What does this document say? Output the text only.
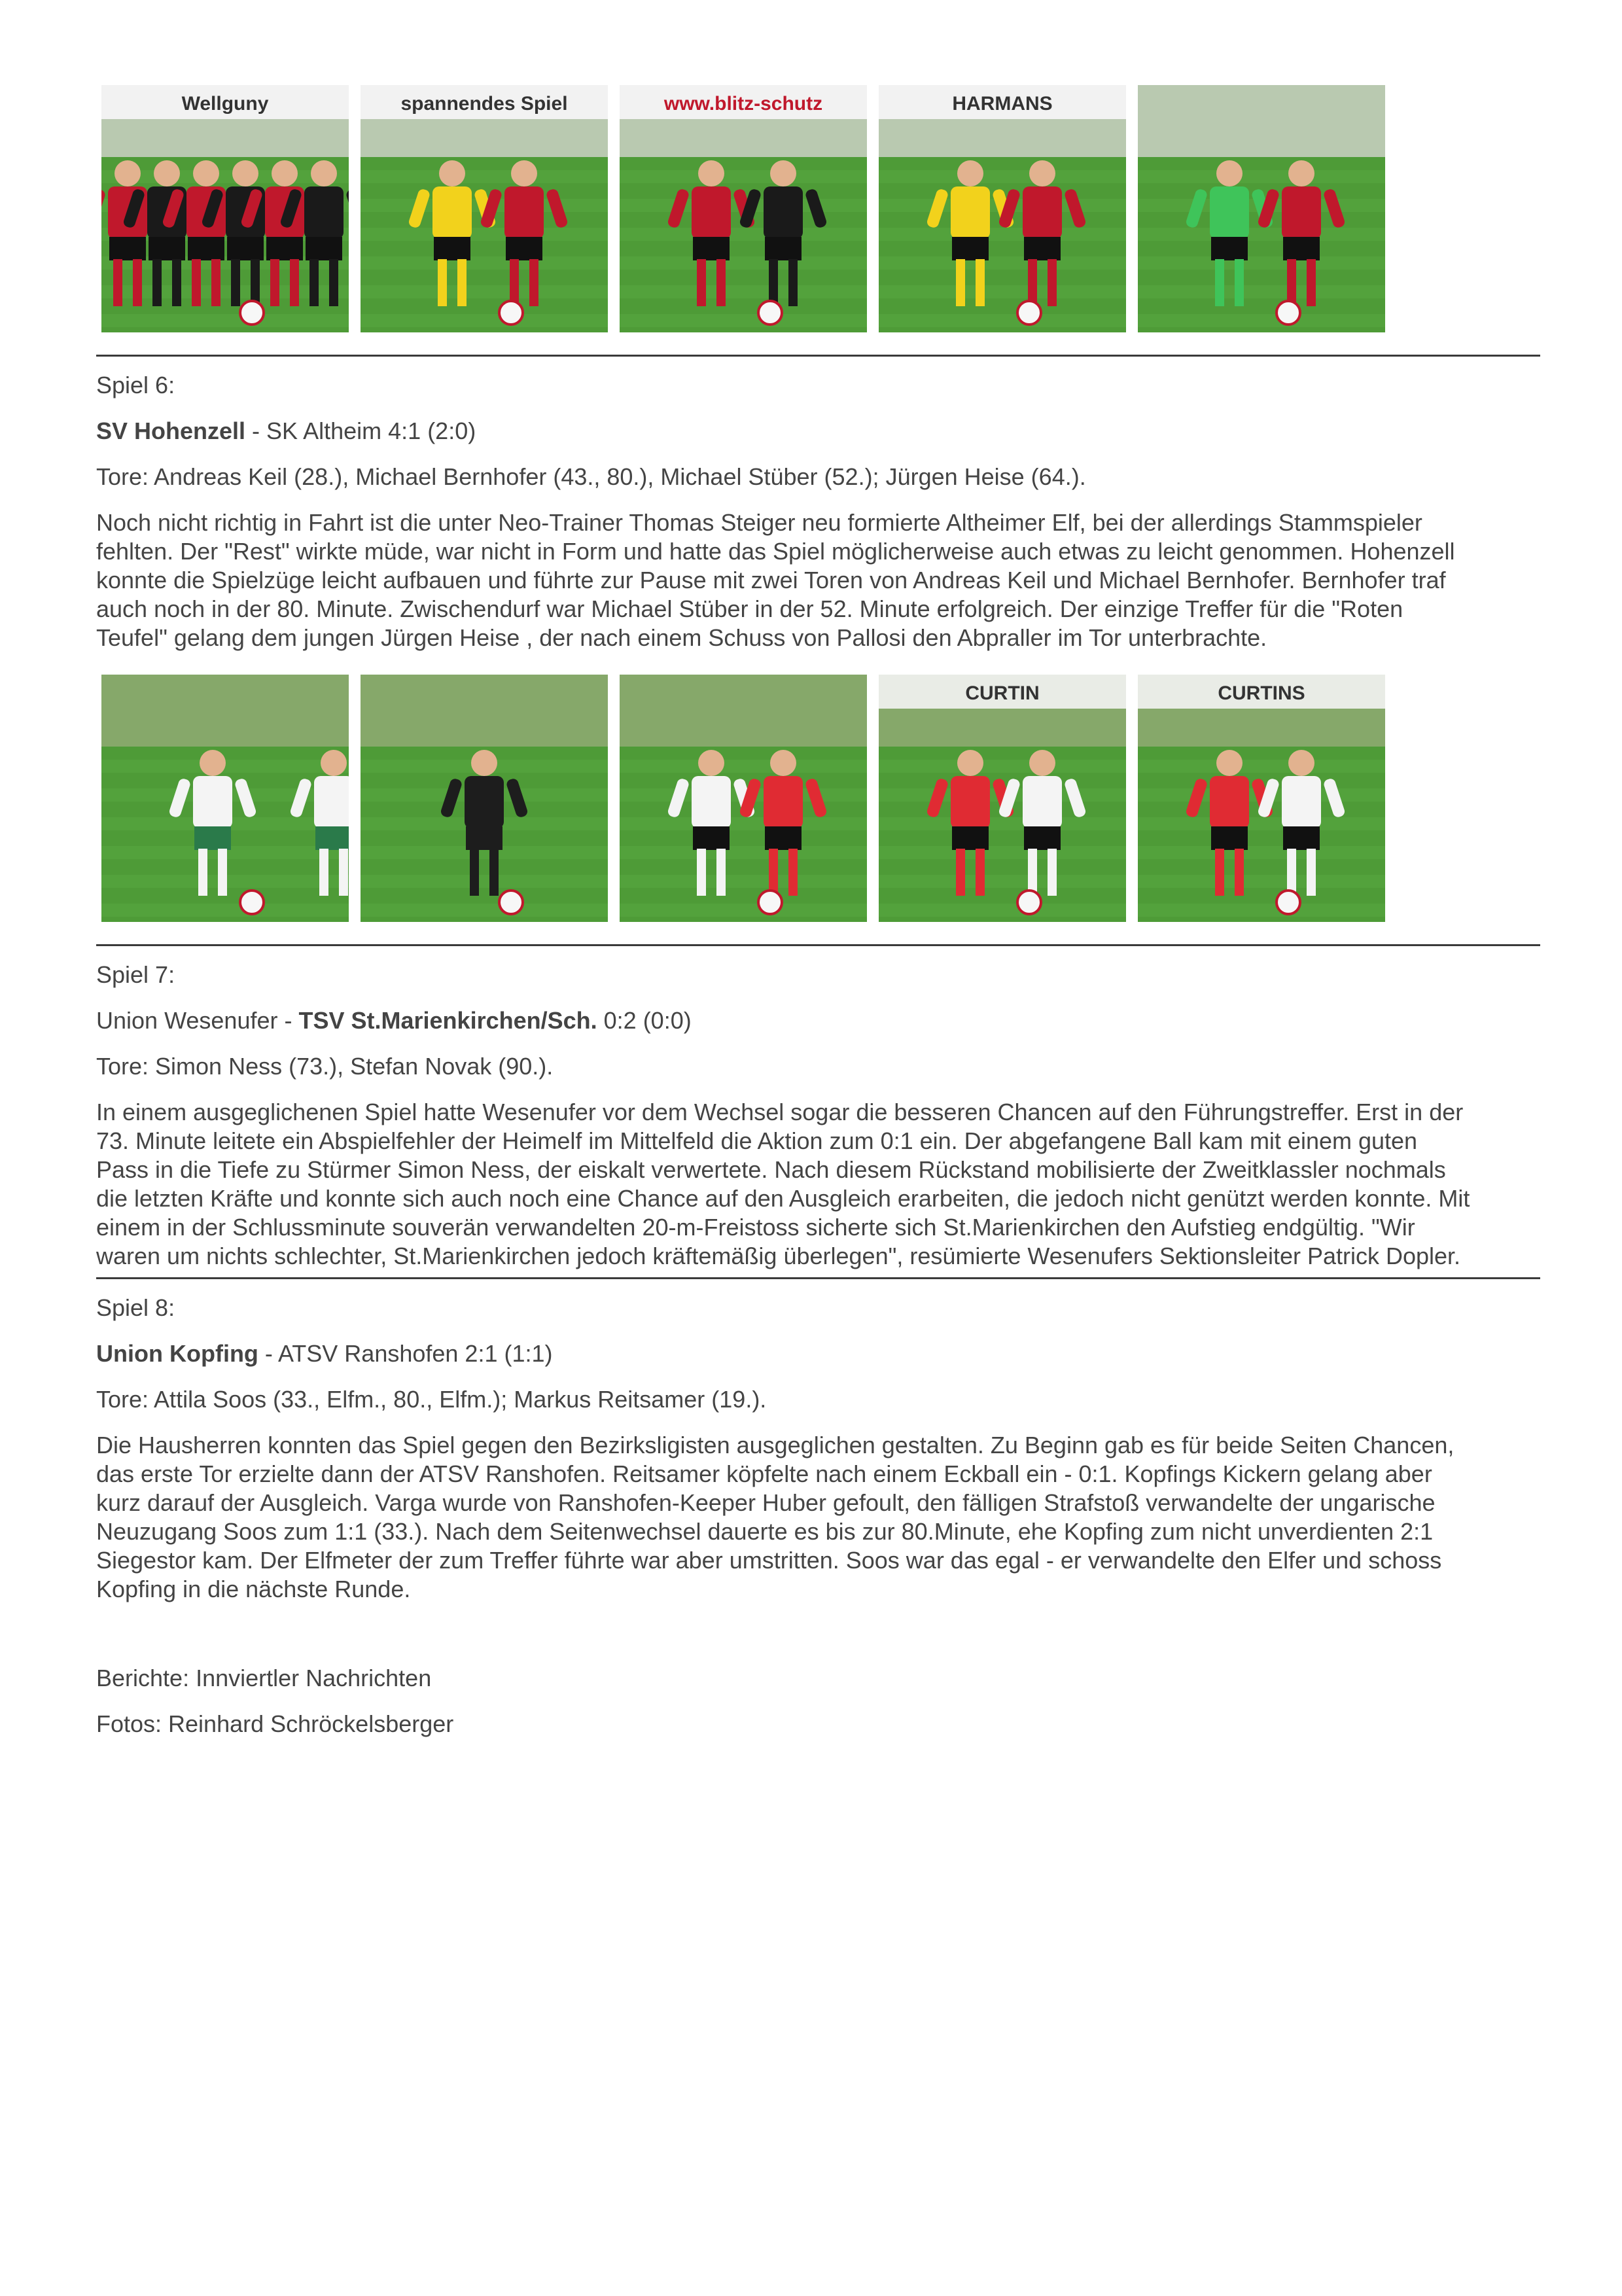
Wellguny	spannendes Spiel	www.blitz-schutz	HARMANS

Spiel 6:

SV Hohenzell - SK Altheim 4:1 (2:0)

Tore: Andreas Keil (28.), Michael Bernhofer (43., 80.), Michael Stüber (52.); Jürgen Heise (64.).

Noch nicht richtig in Fahrt ist die unter Neo-Trainer Thomas Steiger neu formierte Altheimer Elf, bei der allerdings Stammspieler
fehlten. Der "Rest" wirkte müde, war nicht in Form und hatte das Spiel möglicherweise auch etwas zu leicht genommen. Hohenzell
konnte die Spielzüge leicht aufbauen und führte zur Pause mit zwei Toren von Andreas Keil und Michael Bernhofer. Bernhofer traf
auch noch in der 80. Minute. Zwischendurf war Michael Stüber in der 52. Minute erfolgreich. Der einzige Treffer für die "Roten
Teufel" gelang dem jungen Jürgen Heise , der nach einem Schuss von Pallosi den Abpraller im Tor unterbrachte.
CURTIN	CURTINS

Spiel 7:

Union Wesenufer - TSV St.Marienkirchen/Sch. 0:2 (0:0)

Tore: Simon Ness (73.), Stefan Novak (90.).

In einem ausgeglichenen Spiel hatte Wesenufer vor dem Wechsel sogar die besseren Chancen auf den Führungstreffer. Erst in der
73. Minute leitete ein Abspielfehler der Heimelf im Mittelfeld die Aktion zum 0:1 ein. Der abgefangene Ball kam mit einem guten
Pass in die Tiefe zu Stürmer Simon Ness, der eiskalt verwertete. Nach diesem Rückstand mobilisierte der Zweitklassler nochmals
die letzten Kräfte und konnte sich auch noch eine Chance auf den Ausgleich erarbeiten, die jedoch nicht genützt werden konnte. Mit
einem in der Schlussminute souverän verwandelten 20-m-Freistoss sicherte sich St.Marienkirchen den Aufstieg endgültig. "Wir
waren um nichts schlechter, St.Marienkirchen jedoch kräftemäßig überlegen", resümierte Wesenufers Sektionsleiter Patrick Dopler.

Spiel 8:

Union Kopfing - ATSV Ranshofen 2:1 (1:1)

Tore: Attila Soos (33., Elfm., 80., Elfm.); Markus Reitsamer (19.).

Die Hausherren konnten das Spiel gegen den Bezirksligisten ausgeglichen gestalten. Zu Beginn gab es für beide Seiten Chancen,
das erste Tor erzielte dann der ATSV Ranshofen. Reitsamer köpfelte nach einem Eckball ein - 0:1. Kopfings Kickern gelang aber
kurz darauf der Ausgleich. Varga wurde von Ranshofen-Keeper Huber gefoult, den fälligen Strafstoß verwandelte der ungarische
Neuzugang Soos zum 1:1 (33.). Nach dem Seitenwechsel dauerte es bis zur 80.Minute, ehe Kopfing zum nicht unverdienten 2:1
Siegestor kam. Der Elfmeter der zum Treffer führte war aber umstritten. Soos war das egal - er verwandelte den Elfer und schoss
Kopfing in die nächste Runde.

Berichte: Innviertler Nachrichten

Fotos: Reinhard Schröckelsberger
